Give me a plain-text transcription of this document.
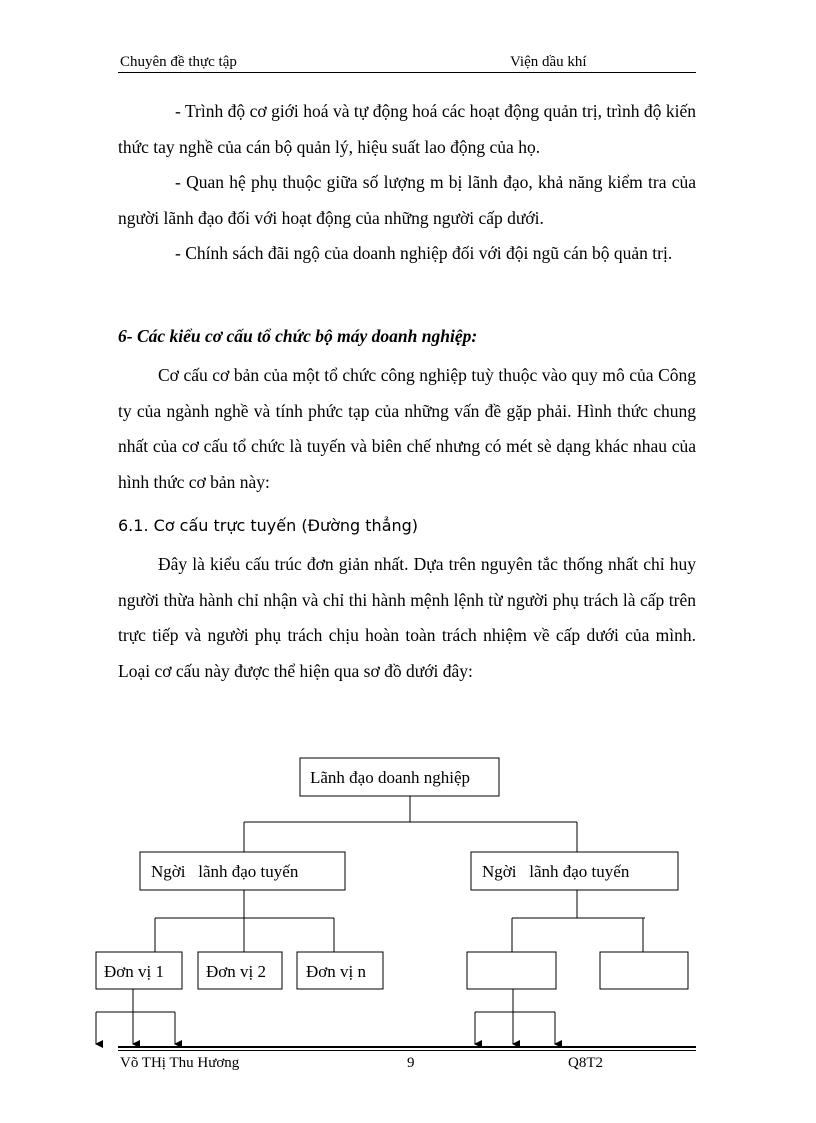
Chuyên đề thực tập	Viện dầu khí

- Trình độ cơ giới hoá và tự động hoá các hoạt động quản trị, trình độ kiến thức tay nghề của cán bộ quản lý, hiệu suất lao động của họ.

- Quan hệ phụ thuộc giữa số lượng m bị lãnh đạo, khả năng kiểm tra của người lãnh đạo đối với hoạt động của những người cấp dưới.

- Chính sách đãi ngộ của doanh nghiệp đối với đội ngũ cán bộ quản trị.

6- Các kiểu cơ cấu tổ chức bộ máy doanh nghiệp:

Cơ cấu cơ bản của một tổ chức công nghiệp tuỳ thuộc vào quy mô của Công ty của ngành nghề và tính phức tạp của những vấn đề gặp phải. Hình thức chung nhất của cơ cấu tổ chức là tuyến và biên chế nhưng có mét sè dạng khác nhau của hình thức cơ bản này:

6.1. Cơ cấu trực tuyến (Đường thẳng)

Đây là kiểu cấu trúc đơn giản nhất. Dựa trên nguyên tắc thống nhất chỉ huy người thừa hành chỉ nhận và chỉ thi hành mệnh lệnh từ người phụ trách là cấp trên trực tiếp và người phụ trách chịu hoàn toàn trách nhiệm về cấp dưới của mình. Loại cơ cấu này được thể hiện qua sơ đồ dưới đây:

Lãnh đạo doanh nghiệp
Ngời   lãnh đạo tuyến	Ngời   lãnh đạo tuyến
Đơn vị 1 Đơn vị 2 Đơn vị n
Võ THị Thu Hương	9	Q8T2
